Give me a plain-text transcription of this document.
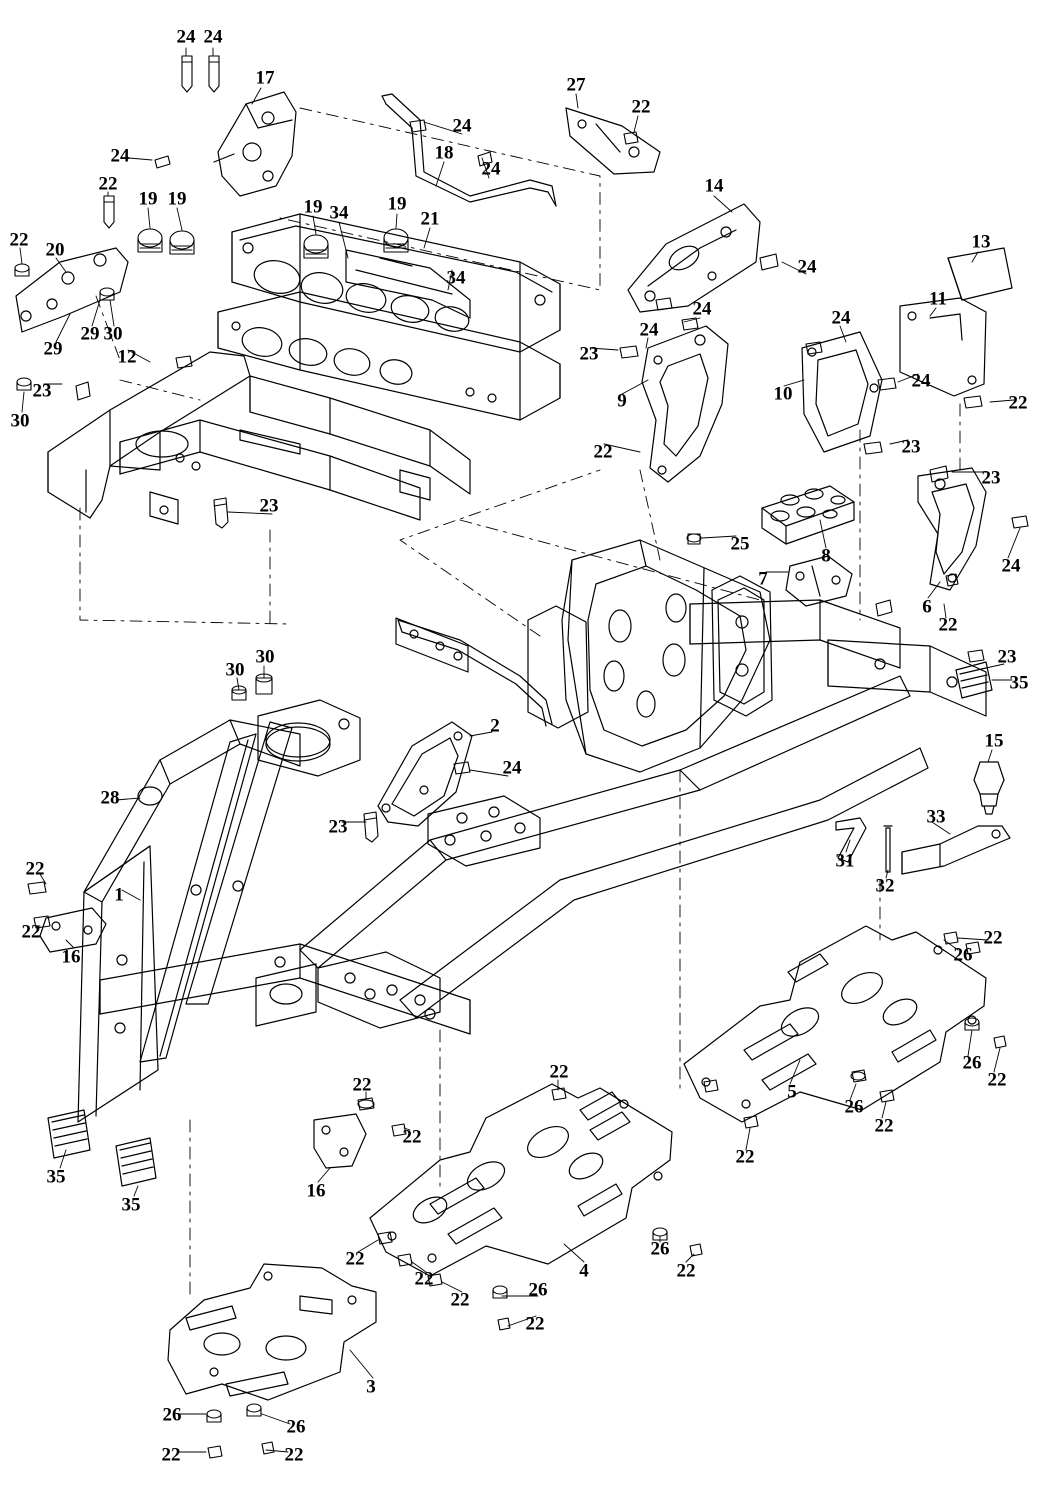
24 24
17	27
22
24
24	18
24
22
19 19
14
19 34 19
21
13
22 20
34
24
11
29 30
24	24
29	12
24
23
24
23
30
9	10	22
23
22
23
23
24
25
8
7
6
22
30
30
23
35
15
2
24
33
23
31
32
28
22
1
22	22
26
16
26
22
22
5
22
26
22
22
22
35
16
35
4
26
22
22
22
22	26
22
3
26
26
22	22
